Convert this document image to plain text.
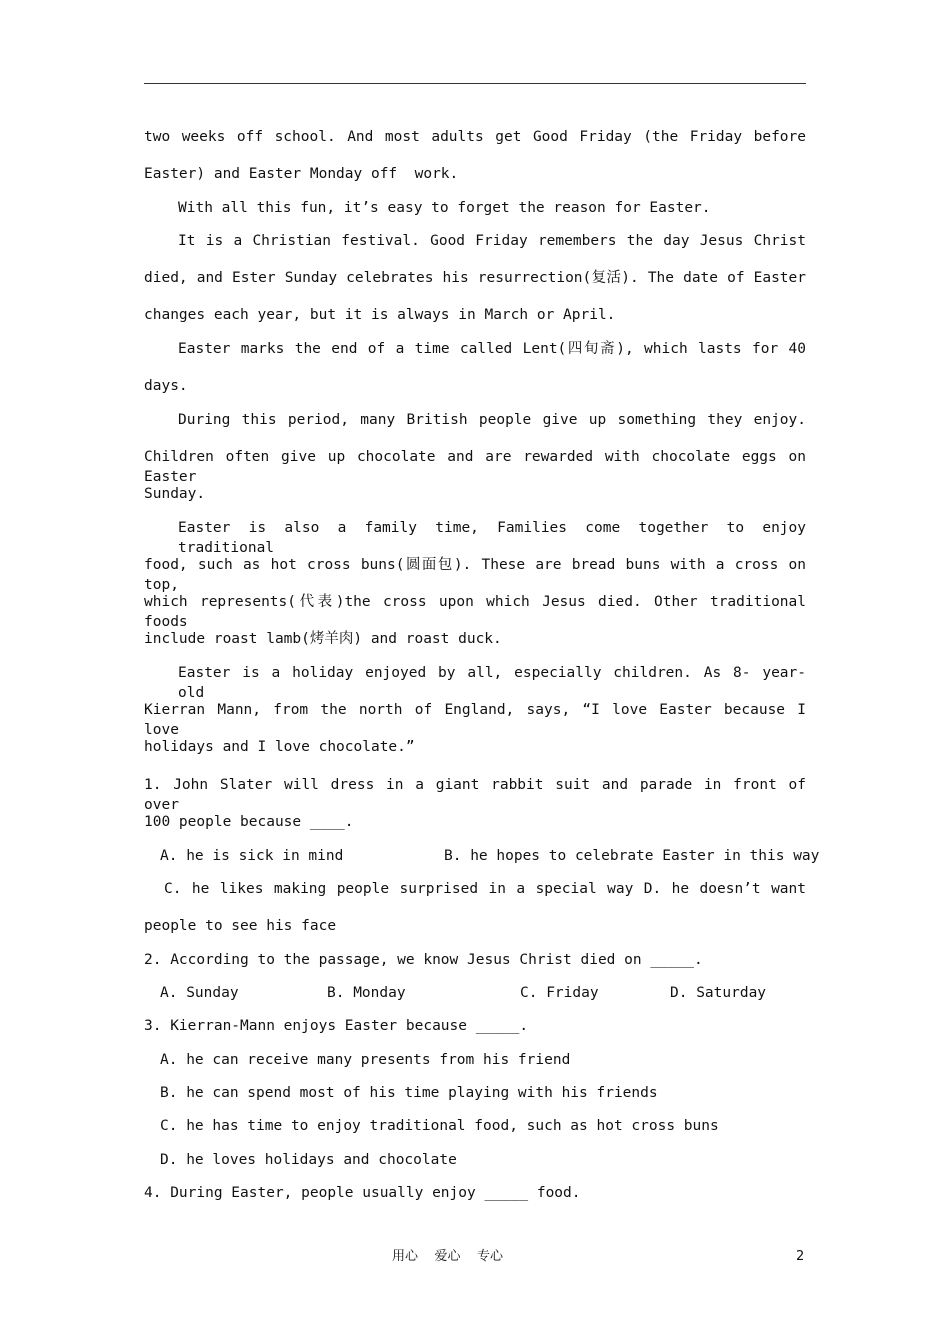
two weeks off school. And most adults get Good Friday (the Friday before
Easter) and Easter Monday off  work.
With all this fun, it’s easy to forget the reason for Easter.
It is a Christian festival. Good Friday remembers the day Jesus Christ
died, and Ester Sunday celebrates his resurrection(复活). The date of Easter
changes each year, but it is always in March or April.
Easter marks the end of a time called Lent(四旬斋), which lasts for 40
days.
During this period, many British people give up something they enjoy.
Children often give up chocolate and are rewarded with chocolate eggs on Easter
Sunday.
Easter is also a family time, Families come together to enjoy traditional
food, such as hot cross buns(圆面包). These are bread buns with a cross on top,
which represents(代表)the cross upon which Jesus died. Other traditional foods
include roast lamb(烤羊肉) and roast duck.
Easter is a holiday enjoyed by all, especially children. As 8- year- old
Kierran Mann, from the north of England, says, “I love Easter because I love
holidays and I love chocolate.”
1. John Slater will dress in a giant rabbit suit and parade in front of over
100 people because ____.
A. he is sick in mind	B. he hopes to celebrate Easter in this way
C. he likes making people surprised in a special way D. he doesn’t want
people to see his face
2. According to the passage, we know Jesus Christ died on _____.
A. Sunday	B. Monday	C. Friday	D. Saturday
3. Kierran-Mann enjoys Easter because _____.
A. he can receive many presents from his friend
B. he can spend most of his time playing with his friends
C. he has time to enjoy traditional food, such as hot cross buns
D. he loves holidays and chocolate
4. During Easter, people usually enjoy _____ food.
用心    爱心    专心	2
